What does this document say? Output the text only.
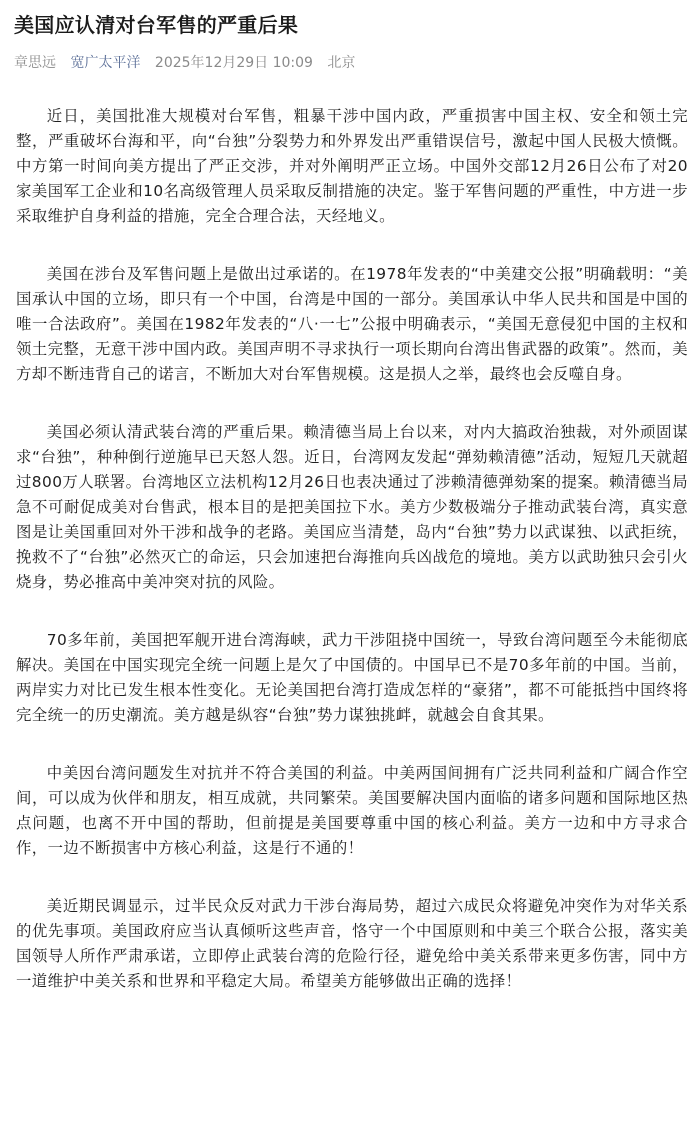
美国应认清对台军售的严重后果
章思远 宽广太平洋 2025年12月29日 10:09 北京

近日，美国批准大规模对台军售，粗暴干涉中国内政，严重损害中国主权、安全和领土完整，严重破坏台海和平，向“台独”分裂势力和外界发出严重错误信号，激起中国人民极大愤慨。中方第一时间向美方提出了严正交涉，并对外阐明严正立场。中国外交部12月26日公布了对20家美国军工企业和10名高级管理人员采取反制措施的决定。鉴于军售问题的严重性，中方进一步采取维护自身利益的措施，完全合理合法，天经地义。

美国在涉台及军售问题上是做出过承诺的。在1978年发表的“中美建交公报”明确载明：“美国承认中国的立场，即只有一个中国，台湾是中国的一部分。美国承认中华人民共和国是中国的唯一合法政府”。美国在1982年发表的“八·一七”公报中明确表示，“美国无意侵犯中国的主权和领土完整，无意干涉中国内政。美国声明不寻求执行一项长期向台湾出售武器的政策”。然而，美方却不断违背自己的诺言，不断加大对台军售规模。这是损人之举，最终也会反噬自身。

美国必须认清武装台湾的严重后果。赖清德当局上台以来，对内大搞政治独裁，对外顽固谋求“台独”，种种倒行逆施早已天怒人怨。近日，台湾网友发起“弹劾赖清德”活动，短短几天就超过800万人联署。台湾地区立法机构12月26日也表决通过了涉赖清德弹劾案的提案。赖清德当局急不可耐促成美对台售武，根本目的是把美国拉下水。美方少数极端分子推动武装台湾，真实意图是让美国重回对外干涉和战争的老路。美国应当清楚，岛内“台独”势力以武谋独、以武拒统，挽救不了“台独”必然灭亡的命运，只会加速把台海推向兵凶战危的境地。美方以武助独只会引火烧身，势必推高中美冲突对抗的风险。

70多年前，美国把军舰开进台湾海峡，武力干涉阻挠中国统一，导致台湾问题至今未能彻底解决。美国在中国实现完全统一问题上是欠了中国债的。中国早已不是70多年前的中国。当前，两岸实力对比已发生根本性变化。无论美国把台湾打造成怎样的“豪猪”，都不可能抵挡中国终将完全统一的历史潮流。美方越是纵容“台独”势力谋独挑衅，就越会自食其果。

中美因台湾问题发生对抗并不符合美国的利益。中美两国间拥有广泛共同利益和广阔合作空间，可以成为伙伴和朋友，相互成就，共同繁荣。美国要解决国内面临的诸多问题和国际地区热点问题，也离不开中国的帮助，但前提是美国要尊重中国的核心利益。美方一边和中方寻求合作，一边不断损害中方核心利益，这是行不通的！

美近期民调显示，过半民众反对武力干涉台海局势，超过六成民众将避免冲突作为对华关系的优先事项。美国政府应当认真倾听这些声音，恪守一个中国原则和中美三个联合公报，落实美国领导人所作严肃承诺，立即停止武装台湾的危险行径，避免给中美关系带来更多伤害，同中方一道维护中美关系和世界和平稳定大局。希望美方能够做出正确的选择！
